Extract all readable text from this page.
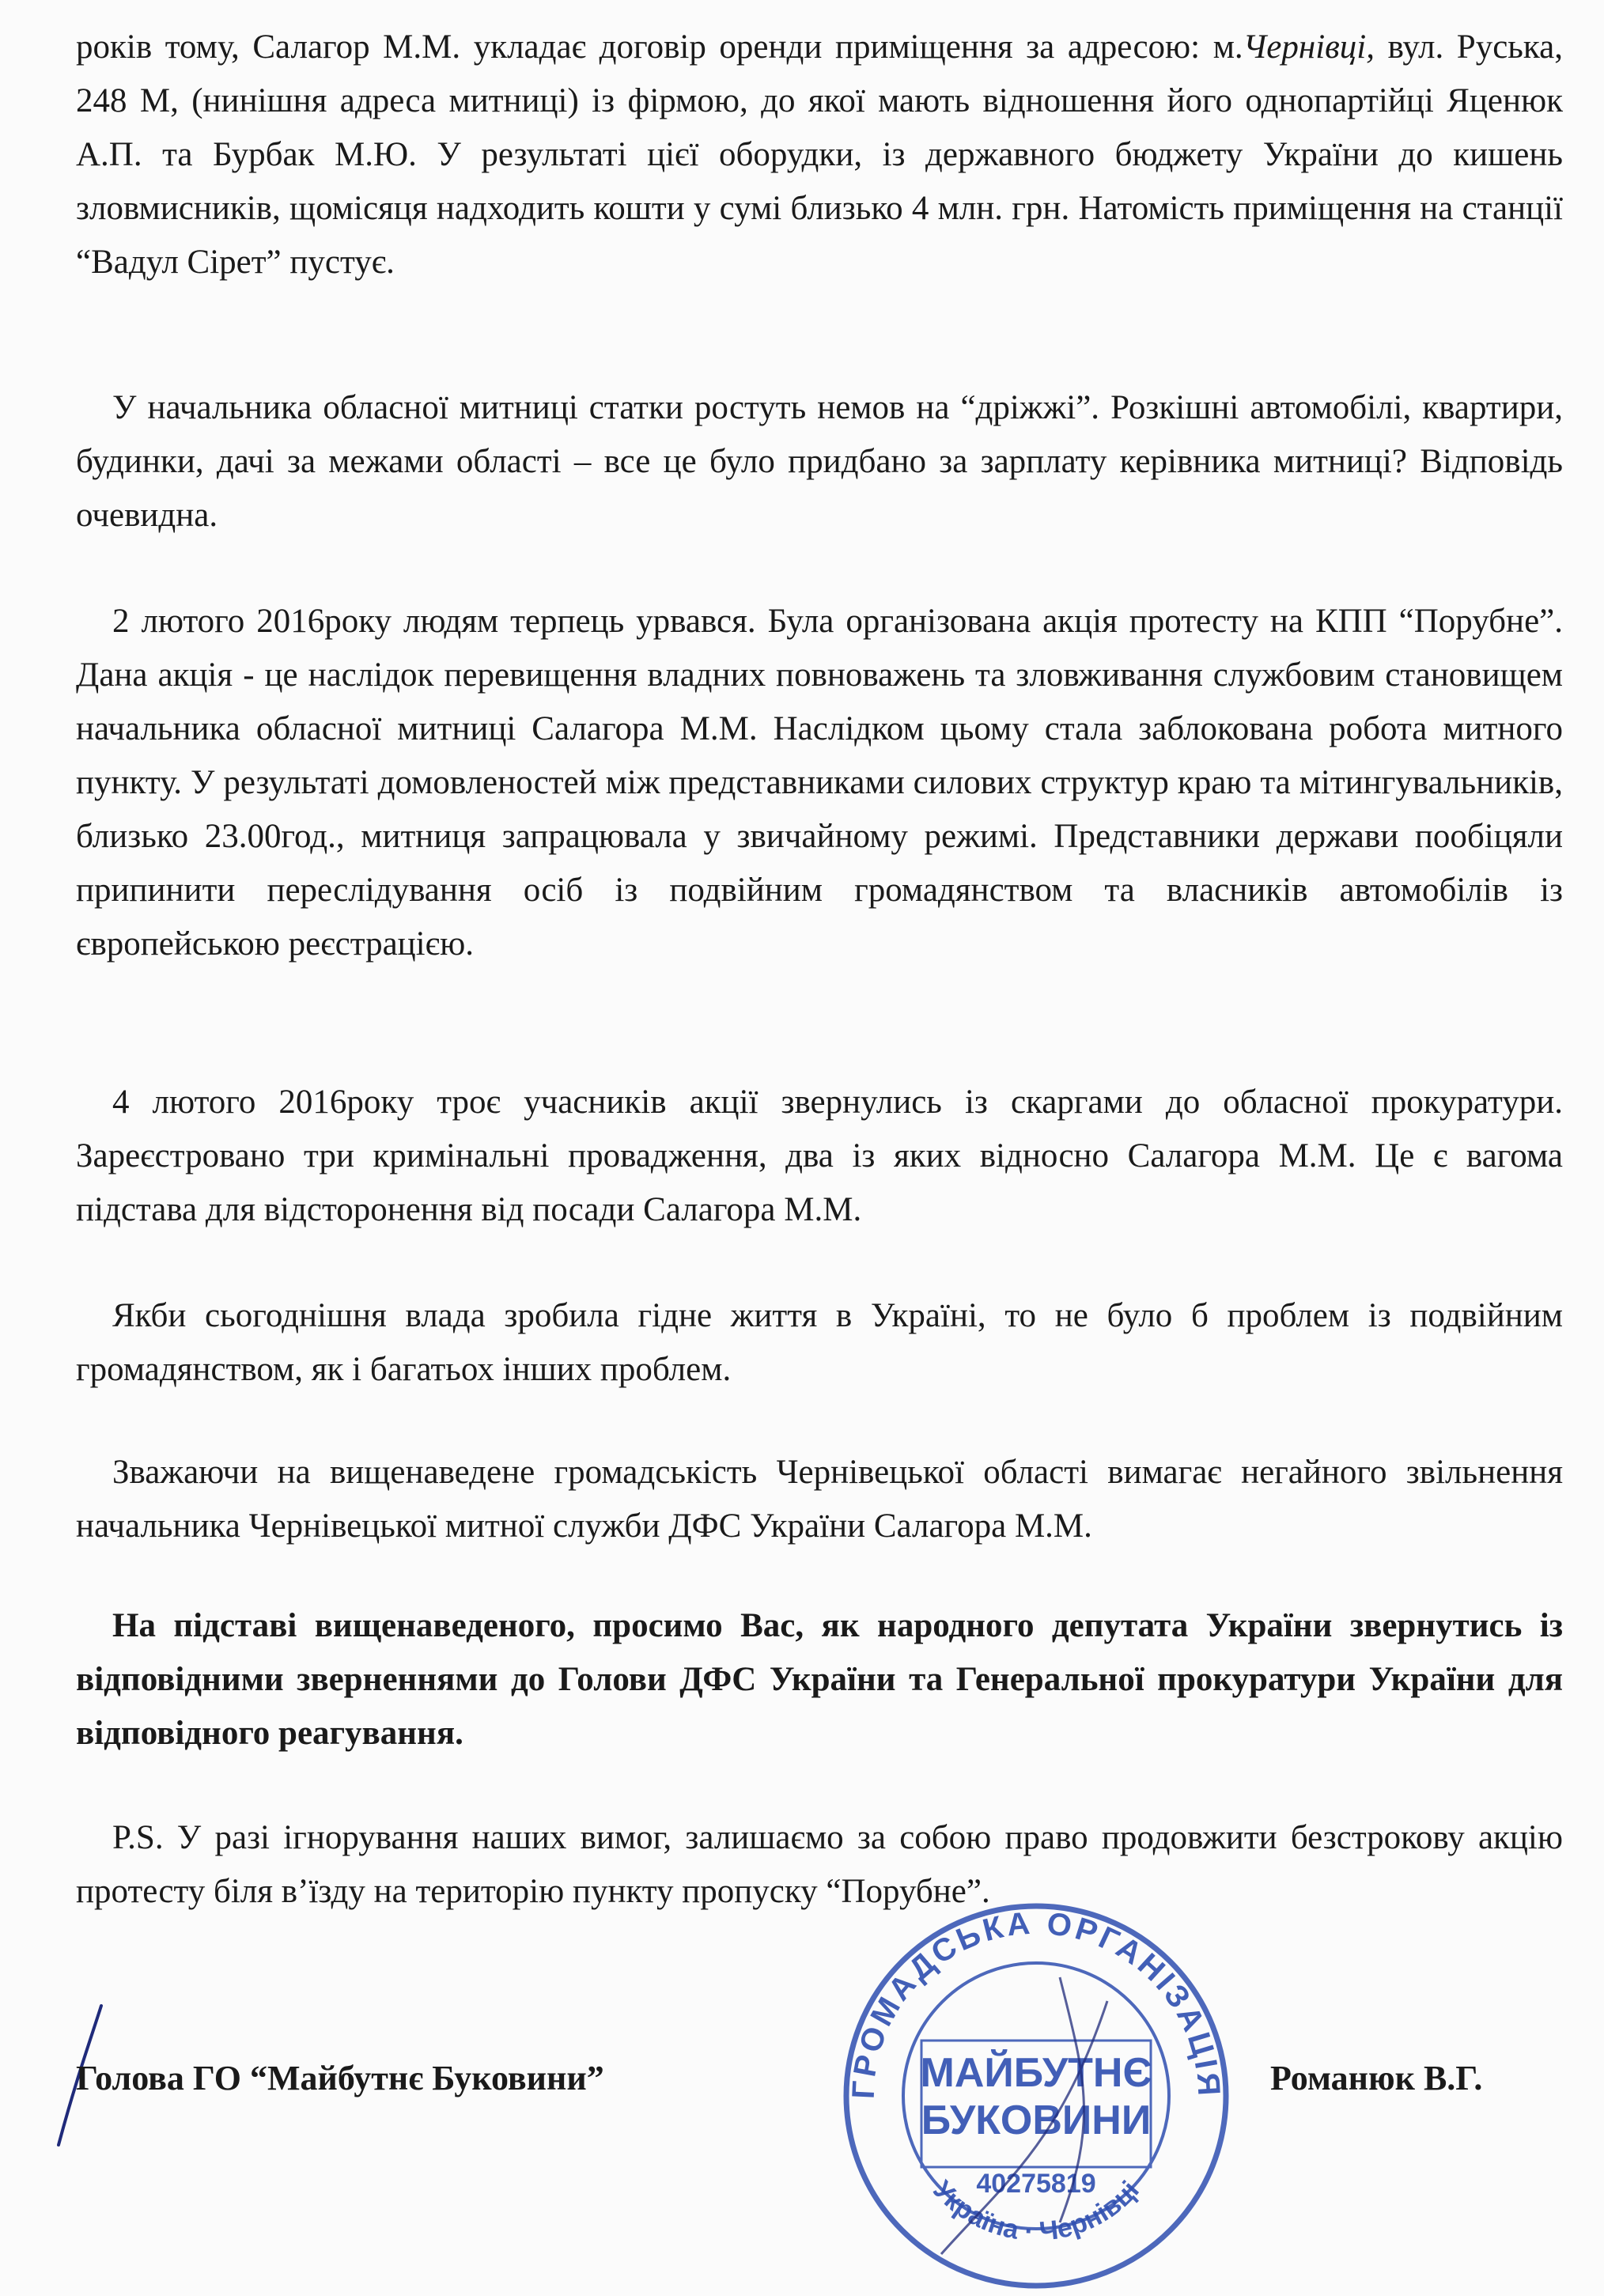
років тому, Салагор М.М. укладає договір оренди приміщення за адресою: м.Чернівці, вул. Руська, 248 М, (нинішня адреса митниці) із фірмою, до якої мають відношення його однопартійці Яценюк А.П. та Бурбак М.Ю. У результаті цієї оборудки, із державного бюджету України до кишень зловмисників, щомісяця надходить кошти у сумі близько 4 млн. грн. Натомість приміщення на станції “Вадул Сірет” пустує.

У начальника обласної митниці статки ростуть немов на “дріжжі”. Розкішні автомобілі, квартири, будинки, дачі за межами області – все це було придбано за зарплату керівника митниці? Відповідь очевидна.

2 лютого 2016року людям терпець урвався. Була організована акція протесту на КПП “Порубне”. Дана акція - це наслідок перевищення владних повноважень та зловживання службовим становищем начальника обласної митниці Салагора М.М. Наслідком цьому стала заблокована робота митного пункту. У результаті домовленостей між представниками силових структур краю та мітингувальників, близько 23.00год., митниця запрацювала у звичайному режимі. Представники держави пообіцяли припинити переслідування осіб із подвійним громадянством та власників автомобілів із європейською реєстрацією.

4 лютого 2016року троє учасників акції звернулись із скаргами до обласної прокуратури. Зареєстровано три кримінальні провадження, два із яких відносно Салагора М.М. Це є вагома підстава для відсторонення від посади Салагора М.М.

Якби сьогоднішня влада зробила гідне життя в Україні, то не було б проблем із подвійним громадянством, як і багатьох інших проблем.

Зважаючи на вищенаведене громадськість Чернівецької області вимагає негайного звільнення начальника Чернівецької митної служби ДФС України Салагора М.М.

На підставі вищенаведеного, просимо Вас, як народного депутата України звернутись із відповідними зверненнями до Голови ДФС України та Генеральної прокуратури України для відповідного реагування.

P.S. У разі ігнорування наших вимог, залишаємо за собою право продовжити безстрокову акцію протесту біля в’їзду на територію пункту пропуску “Порубне”.

Голова ГО “Майбутнє Буковини”	Романюк В.Г.
ГРОМАДСЬКА ОРГАНІЗАЦІЯ
МАЙБУТНЄ
БУКОВИНИ
40275819
Україна · Чернівці
